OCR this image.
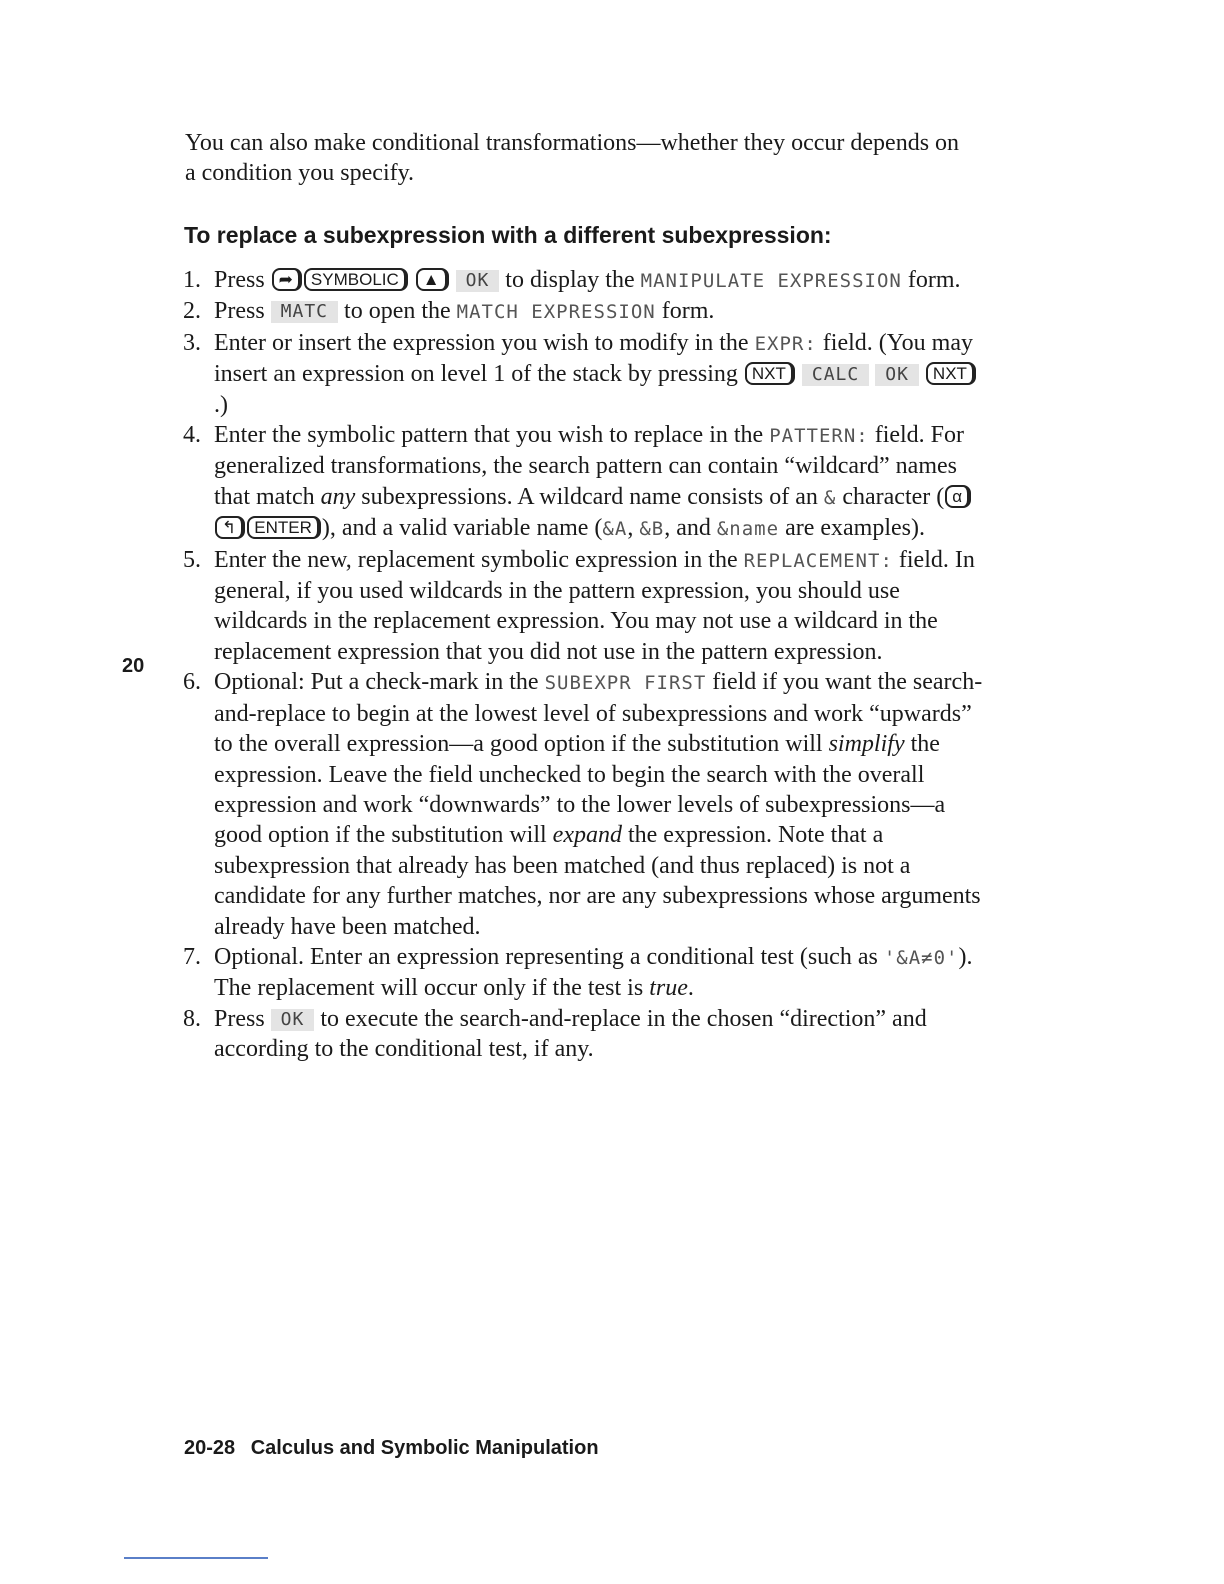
You can also make conditional transformations—whether they occur depends on a condition you specify.

To replace a subexpression with a different subexpression:
1. Press ➦ SYMBOLIC ▲ OK to display the MANIPULATE EXPRESSION form.
2. Press MATC to open the MATCH EXPRESSION form.
3. Enter or insert the expression you wish to modify in the EXPR: field. (You may insert an expression on level 1 of the stack by pressing NXT CALC OK NXT.)
4. Enter the symbolic pattern that you wish to replace in the PATTERN: field. For generalized transformations, the search pattern can contain “wildcard” names that match any subexpressions. A wildcard name consists of an & character ( α↰ ENTER ), and a valid variable name (&A, &B, and &name are examples).
5. Enter the new, replacement symbolic expression in the REPLACEMENT: field. In general, if you used wildcards in the pattern expression, you should use wildcards in the replacement expression. You may not use a wildcard in the replacement expression that you did not use in the pattern expression.
6. Optional: Put a check-mark in the SUBEXPR FIRST field if you want the search-and-replace to begin at the lowest level of subexpressions and work “upwards” to the overall expression—a good option if the substitution will simplify the expression. Leave the field unchecked to begin the search with the overall expression and work “downwards” to the lower levels of subexpressions—a good option if the substitution will expand the expression. Note that a subexpression that already has been matched (and thus replaced) is not a candidate for any further matches, nor are any subexpressions whose arguments already have been matched.
7. Optional. Enter an expression representing a conditional test (such as '&A≠0'). The replacement will occur only if the test is true.
8. Press OK to execute the search-and-replace in the chosen “direction” and according to the conditional test, if any.
20
20-28 Calculus and Symbolic Manipulation
